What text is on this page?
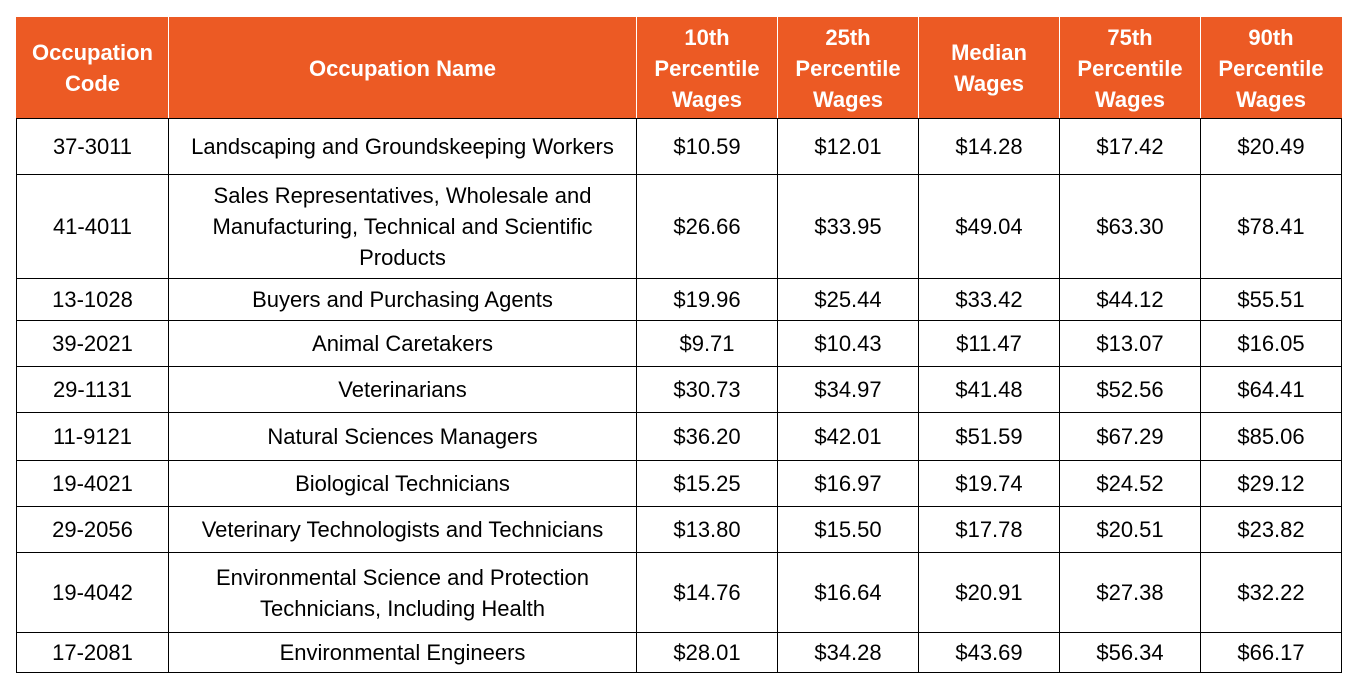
Occupation Code	Occupation Name	10th Percentile Wages	25th Percentile Wages	Median Wages	75th Percentile Wages	90th Percentile Wages
37-3011	Landscaping and Groundskeeping Workers	$10.59	$12.01	$14.28	$17.42	$20.49
41-4011	Sales Representatives, Wholesale and Manufacturing, Technical and Scientific Products	$26.66	$33.95	$49.04	$63.30	$78.41
13-1028	Buyers and Purchasing Agents	$19.96	$25.44	$33.42	$44.12	$55.51
39-2021	Animal Caretakers	$9.71	$10.43	$11.47	$13.07	$16.05
29-1131	Veterinarians	$30.73	$34.97	$41.48	$52.56	$64.41
11-9121	Natural Sciences Managers	$36.20	$42.01	$51.59	$67.29	$85.06
19-4021	Biological Technicians	$15.25	$16.97	$19.74	$24.52	$29.12
29-2056	Veterinary Technologists and Technicians	$13.80	$15.50	$17.78	$20.51	$23.82
19-4042	Environmental Science and Protection Technicians, Including Health	$14.76	$16.64	$20.91	$27.38	$32.22
17-2081	Environmental Engineers	$28.01	$34.28	$43.69	$56.34	$66.17
